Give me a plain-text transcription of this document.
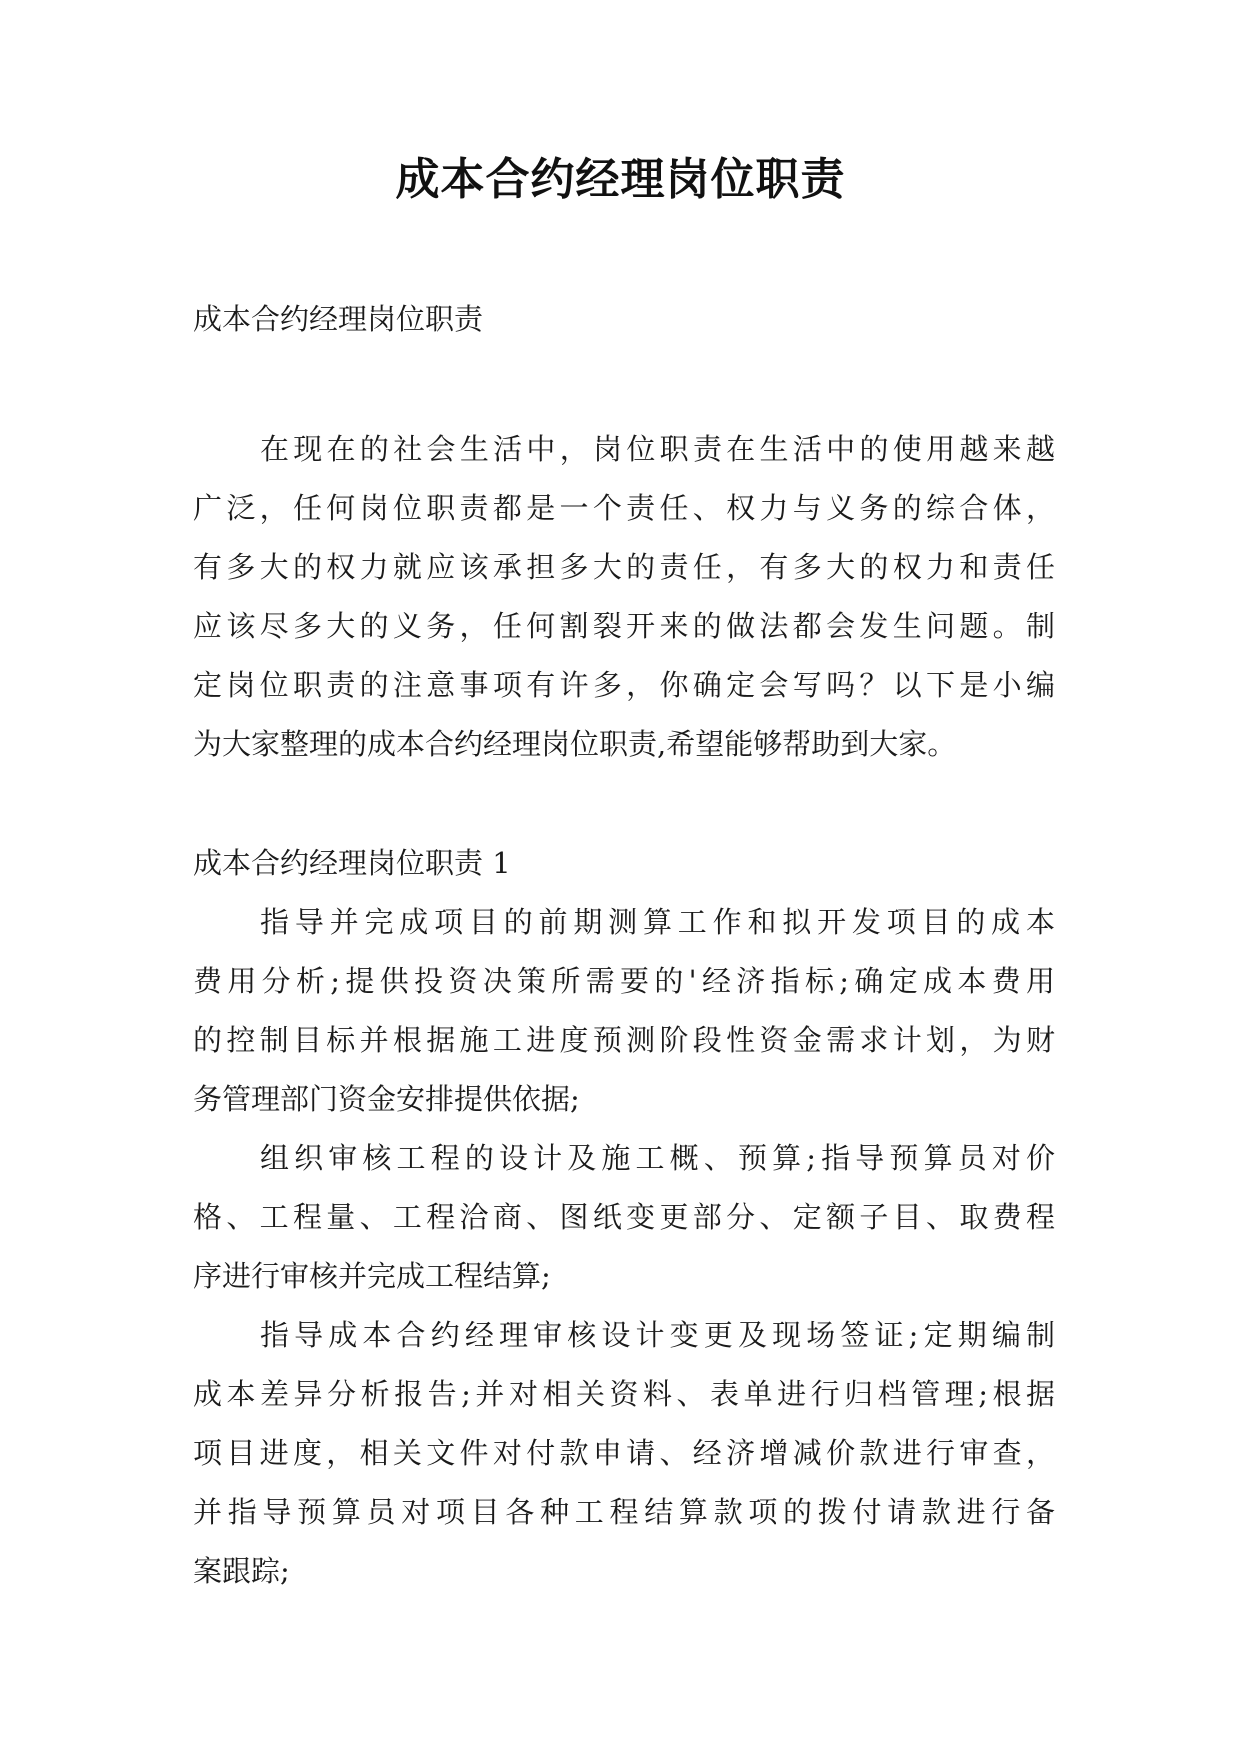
成本合约经理岗位职责
成本合约经理岗位职责
在现在的社会生活中，岗位职责在生活中的使用越来越
广泛，任何岗位职责都是一个责任、权力与义务的综合体，
有多大的权力就应该承担多大的责任，有多大的权力和责任
应该尽多大的义务，任何割裂开来的做法都会发生问题。制
定岗位职责的注意事项有许多，你确定会写吗？以下是小编
为大家整理的成本合约经理岗位职责,希望能够帮助到大家。
成本合约经理岗位职责 1
指导并完成项目的前期测算工作和拟开发项目的成本
费用分析;提供投资决策所需要的'经济指标;确定成本费用
的控制目标并根据施工进度预测阶段性资金需求计划，为财
务管理部门资金安排提供依据;
组织审核工程的设计及施工概、预算;指导预算员对价
格、工程量、工程洽商、图纸变更部分、定额子目、取费程
序进行审核并完成工程结算;
指导成本合约经理审核设计变更及现场签证;定期编制
成本差异分析报告;并对相关资料、表单进行归档管理;根据
项目进度，相关文件对付款申请、经济增减价款进行审查，
并指导预算员对项目各种工程结算款项的拨付请款进行备
案跟踪;
